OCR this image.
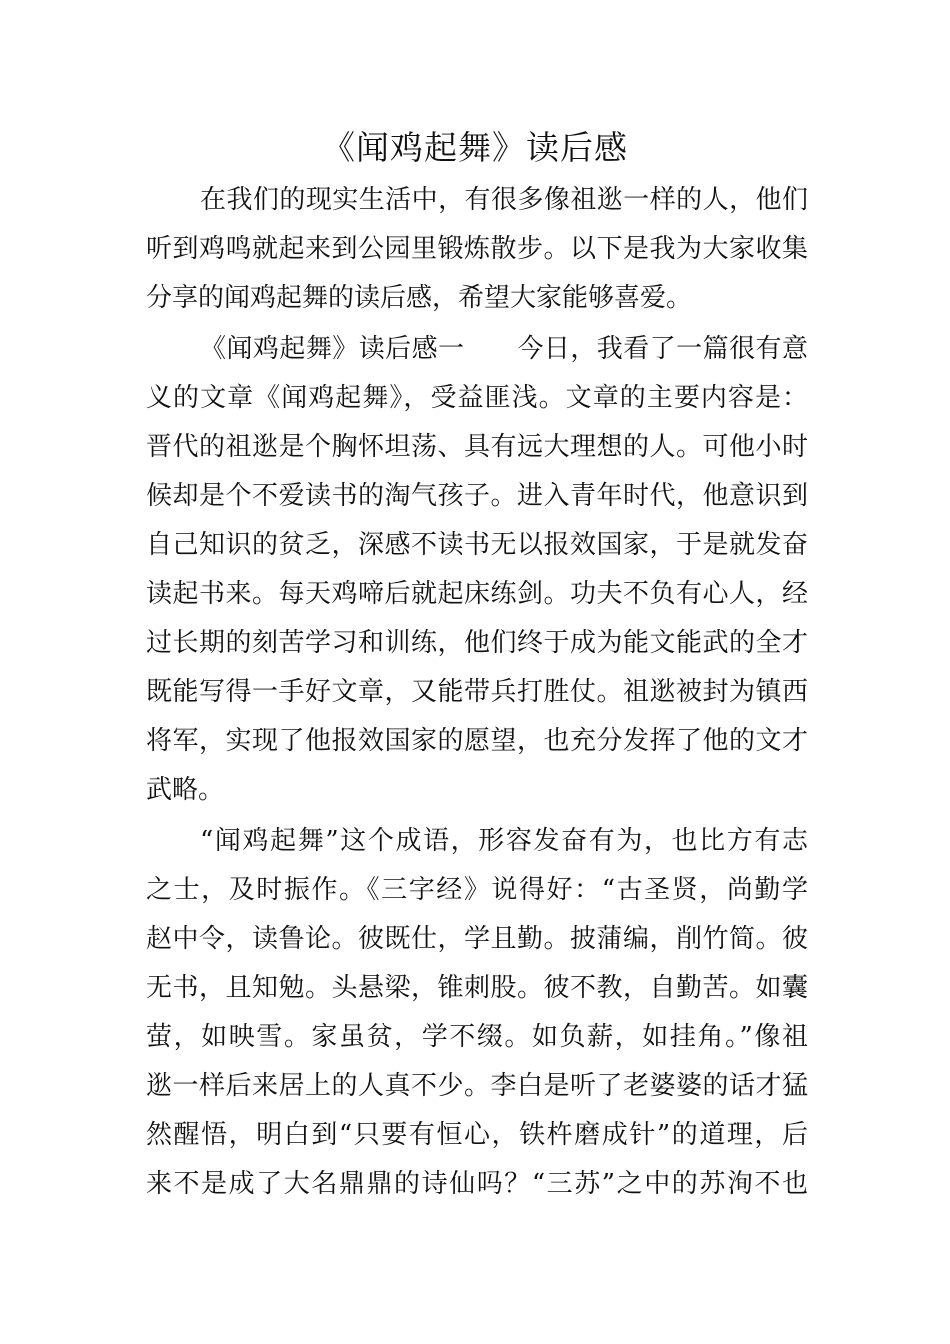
《闻鸡起舞》读后感
在我们的现实生活中，有很多像祖逖一样的人，他们
听到鸡鸣就起来到公园里锻炼散步。以下是我为大家收集
分享的闻鸡起舞的读后感，希望大家能够喜爱。
《闻鸡起舞》读后感一　　今日，我看了一篇很有意
义的文章《闻鸡起舞》，受益匪浅。文章的主要内容是：
晋代的祖逖是个胸怀坦荡、具有远大理想的人。可他小时
候却是个不爱读书的淘气孩子。进入青年时代，他意识到
自己知识的贫乏，深感不读书无以报效国家，于是就发奋
读起书来。每天鸡啼后就起床练剑。功夫不负有心人，经
过长期的刻苦学习和训练，他们终于成为能文能武的全才
既能写得一手好文章，又能带兵打胜仗。祖逖被封为镇西
将军，实现了他报效国家的愿望，也充分发挥了他的文才
武略。
“闻鸡起舞”这个成语，形容发奋有为，也比方有志
之士，及时振作。《三字经》说得好：“古圣贤，尚勤学
赵中令，读鲁论。彼既仕，学且勤。披蒲编，削竹简。彼
无书，且知勉。头悬梁，锥刺股。彼不教，自勤苦。如囊
萤，如映雪。家虽贫，学不缀。如负薪，如挂角。”像祖
逖一样后来居上的人真不少。李白是听了老婆婆的话才猛
然醒悟，明白到“只要有恒心，铁杵磨成针”的道理，后
来不是成了大名鼎鼎的诗仙吗？“三苏”之中的苏洵不也
